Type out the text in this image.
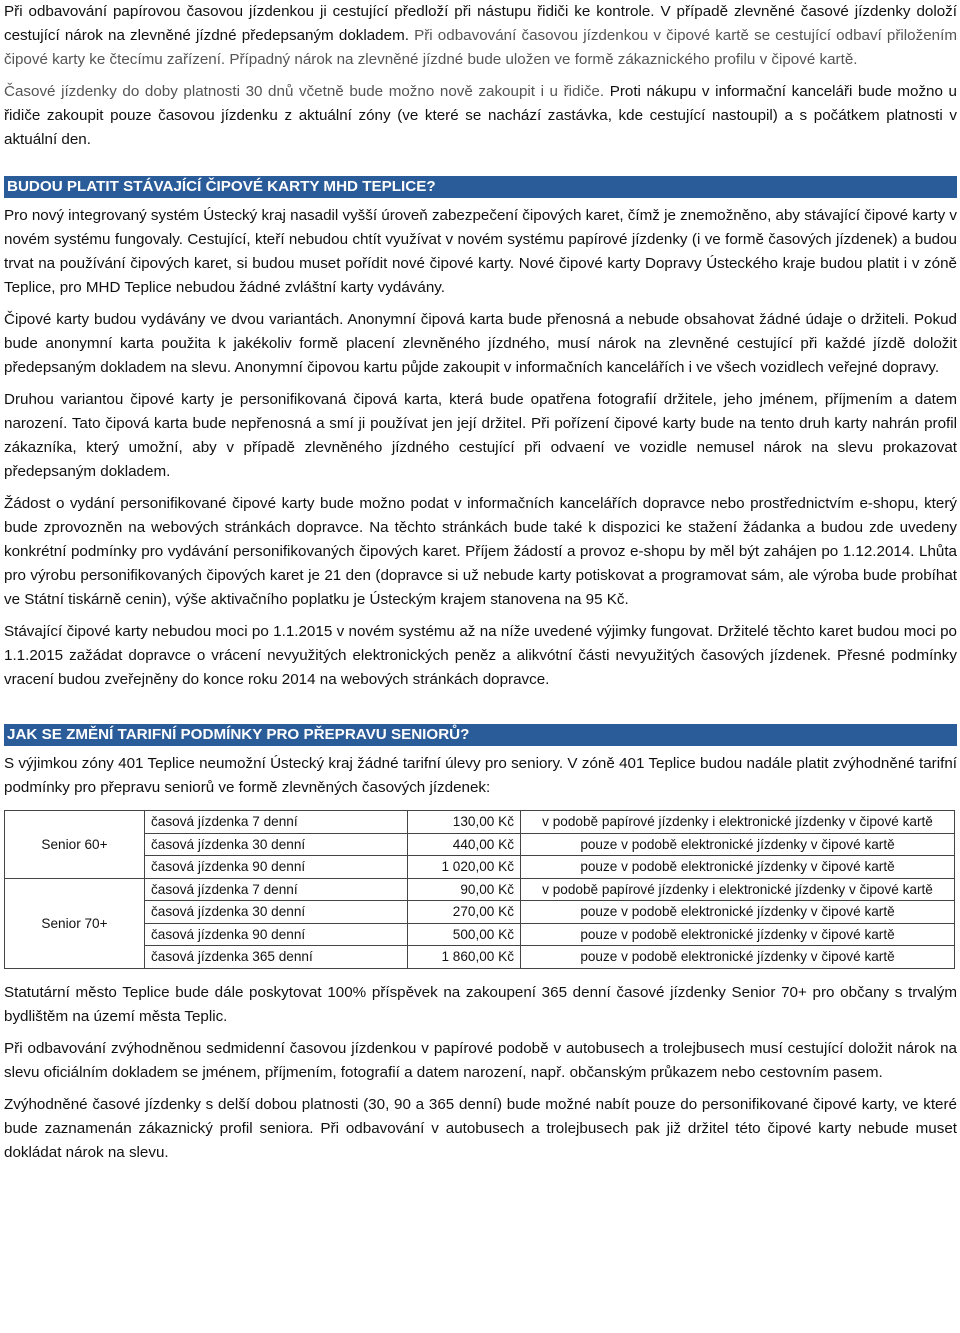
Při odbavování papírovou časovou jízdenkou ji cestující předloží při nástupu řidiči ke kontrole. V případě zlevněné časové jízdenky doloží cestující nárok na zlevněné jízdné předepsaným dokladem. Při odbavování časovou jízdenkou v čipové kartě se cestující odbaví přiložením čipové karty ke čtecímu zařízení. Případný nárok na zlevněné jízdné bude uložen ve formě zákaznického profilu v čipové kartě.

Časové jízdenky do doby platnosti 30 dnů včetně bude možno nově zakoupit i u řidiče. Proti nákupu v informační kanceláři bude možno u řidiče zakoupit pouze časovou jízdenku z aktuální zóny (ve které se nachází zastávka, kde cestující nastoupil) a s počátkem platnosti v aktuální den.

BUDOU PLATIT STÁVAJÍCÍ ČIPOVÉ KARTY MHD TEPLICE?

Pro nový integrovaný systém Ústecký kraj nasadil vyšší úroveň zabezpečení čipových karet, čímž je znemožněno, aby stávající čipové karty v novém systému fungovaly. Cestující, kteří nebudou chtít využívat v novém systému papírové jízdenky (i ve formě časových jízdenek) a budou trvat na používání čipových karet, si budou muset pořídit nové čipové karty. Nové čipové karty Dopravy Ústeckého kraje budou platit i v zóně Teplice, pro MHD Teplice nebudou žádné zvláštní karty vydávány.

Čipové karty budou vydávány ve dvou variantách. Anonymní čipová karta bude přenosná a nebude obsahovat žádné údaje o držiteli. Pokud bude anonymní karta použita k jakékoliv formě placení zlevněného jízdného, musí nárok na zlevněné cestující při každé jízdě doložit předepsaným dokladem na slevu. Anonymní čipovou kartu půjde zakoupit v informačních kancelářích i ve všech vozidlech veřejné dopravy.

Druhou variantou čipové karty je personifikovaná čipová karta, která bude opatřena fotografií držitele, jeho jménem, příjmením a datem narození. Tato čipová karta bude nepřenosná a smí ji používat jen její držitel. Při pořízení čipové karty bude na tento druh karty nahrán profil zákazníka, který umožní, aby v případě zlevněného jízdného cestující při odvaení ve vozidle nemusel nárok na slevu prokazovat předepsaným dokladem.

Žádost o vydání personifikované čipové karty bude možno podat v informačních kancelářích dopravce nebo prostřednictvím e-shopu, který bude zprovozněn na webových stránkách dopravce. Na těchto stránkách bude také k dispozici ke stažení žádanka a budou zde uvedeny konkrétní podmínky pro vydávání personifikovaných čipových karet. Příjem žádostí a provoz e-shopu by měl být zahájen po 1.12.2014. Lhůta pro výrobu personifikovaných čipových karet je 21 den (dopravce si už nebude karty potiskovat a programovat sám, ale výroba bude probíhat ve Státní tiskárně cenin), výše aktivačního poplatku je Ústeckým krajem stanovena na 95 Kč.

Stávající čipové karty nebudou moci po 1.1.2015 v novém systému až na níže uvedené výjimky fungovat. Držitelé těchto karet budou moci po 1.1.2015 zažádat dopravce o vrácení nevyužitých elektronických peněz a alikvótní části nevyužitých časových jízdenek. Přesné podmínky vracení budou zveřejněny do konce roku 2014 na webových stránkách dopravce.

JAK SE ZMĚNÍ TARIFNÍ PODMÍNKY PRO PŘEPRAVU SENIORŮ?

S výjimkou zóny 401 Teplice neumožní Ústecký kraj žádné tarifní úlevy pro seniory. V zóně 401 Teplice budou nadále platit zvýhodněné tarifní podmínky pro přepravu seniorů ve formě zlevněných časových jízdenek:

Senior 60+	časová jízdenka 7 denní	130,00 Kč	v podobě papírové jízdenky i elektronické jízdenky v čipové kartě
	časová jízdenka 30 denní	440,00 Kč	pouze v podobě elektronické jízdenky v čipové kartě
	časová jízdenka 90 denní	1 020,00 Kč	pouze v podobě elektronické jízdenky v čipové kartě
Senior 70+	časová jízdenka 7 denní	90,00 Kč	v podobě papírové jízdenky i elektronické jízdenky v čipové kartě
	časová jízdenka 30 denní	270,00 Kč	pouze v podobě elektronické jízdenky v čipové kartě
	časová jízdenka 90 denní	500,00 Kč	pouze v podobě elektronické jízdenky v čipové kartě
	časová jízdenka 365 denní	1 860,00 Kč	pouze v podobě elektronické jízdenky v čipové kartě

Statutární město Teplice bude dále poskytovat 100% příspěvek na zakoupení 365 denní časové jízdenky Senior 70+ pro občany s trvalým bydlištěm na území města Teplic.

Při odbavování zvýhodněnou sedmidenní časovou jízdenkou v papírové podobě v autobusech a trolejbusech musí cestující doložit nárok na slevu oficiálním dokladem se jménem, příjmením, fotografií a datem narození, např. občanským průkazem nebo cestovním pasem.

Zvýhodněné časové jízdenky s delší dobou platnosti (30, 90 a 365 denní) bude možné nabít pouze do personifikované čipové karty, ve které bude zaznamenán zákaznický profil seniora. Při odbavování v autobusech a trolejbusech pak již držitel této čipové karty nebude muset dokládat nárok na slevu.
